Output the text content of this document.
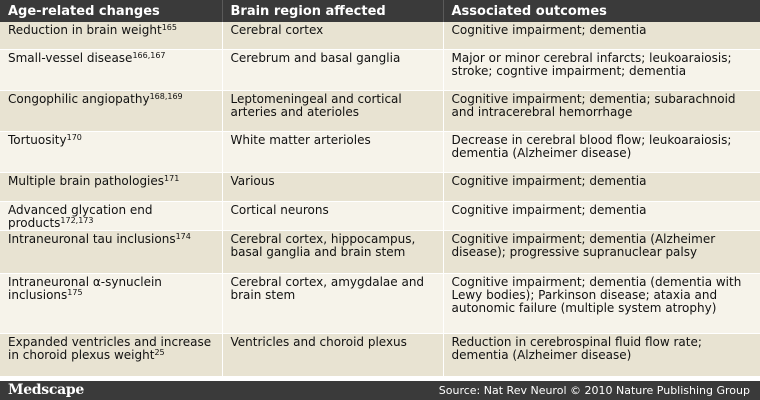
Age-related changes	Brain region affected	Associated outcomes
Reduction in brain weight$^{165}$	Cerebral cortex	Cognitive impairment; dementia
Small-vessel disease$^{166,167}$	Cerebrum and basal ganglia	Major or minor cerebral infarcts; leukoaraiosis; stroke; cogntive impairment; dementia
Congophilic angiopathy$^{168,169}$	Leptomeningeal and cortical arteries and aterioles	Cognitive impairment; dementia; subarachnoid and intracerebral hemorrhage
Tortuosity$^{170}$	White matter arterioles	Decrease in cerebral blood flow; leukoaraiosis; dementia (Alzheimer disease)
Multiple brain pathologies$^{171}$	Various	Cognitive impairment; dementia
Advanced glycation end products$^{172,173}$	Cortical neurons	Cognitive impairment; dementia
Intraneuronal tau inclusions$^{174}$	Cerebral cortex, hippocampus, basal ganglia and brain stem	Cognitive impairment; dementia (Alzheimer disease); progressive supranuclear palsy
Intraneuronal α-synuclein inclusions$^{175}$	Cerebral cortex, amygdalae and brain stem	Cognitive impairment; dementia (dementia with Lewy bodies); Parkinson disease; ataxia and autonomic failure (multiple system atrophy)
Expanded ventricles and increase in choroid plexus weight$^{25}$	Ventricles and choroid plexus	Reduction in cerebrospinal fluid flow rate; dementia (Alzheimer disease)
Medscape	Source: Nat Rev Neurol © 2010 Nature Publishing Group
